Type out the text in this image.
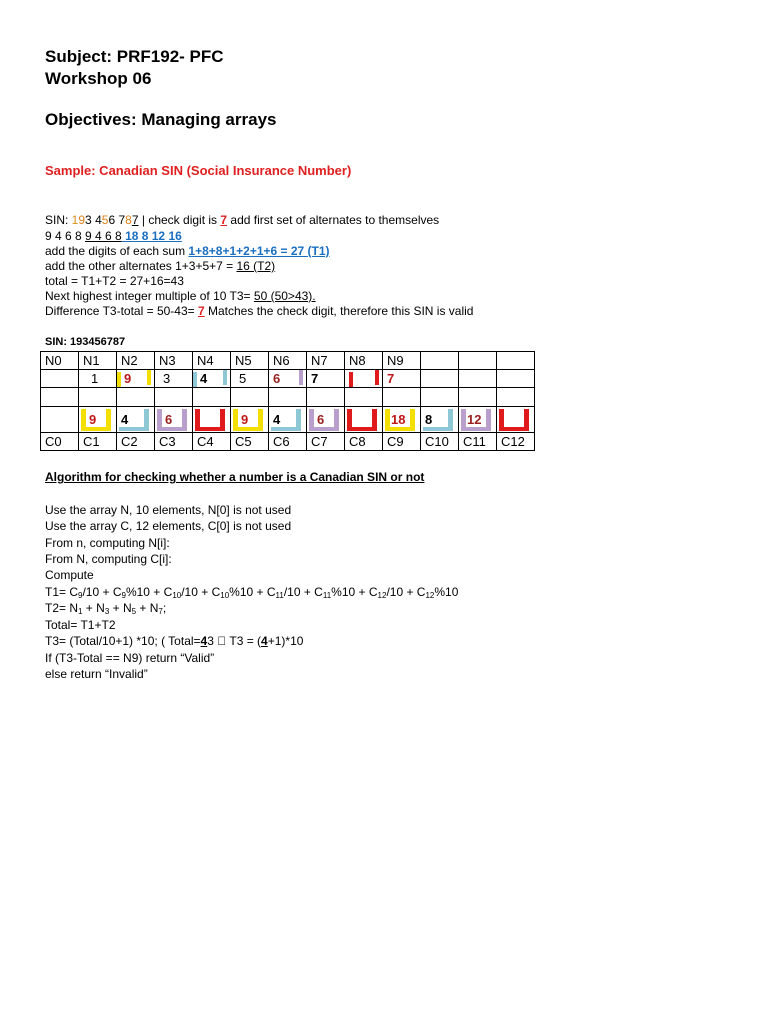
Subject: PRF192- PFC
Workshop 06
Objectives: Managing arrays
Sample: Canadian SIN (Social Insurance Number)
SIN: 193 456 787 | check digit is 7 add first set of alternates to themselves
9 4 6 8 9 4 6 8 18 8 12 16
add the digits of each sum 1+8+8+1+2+1+6 = 27 (T1)
add the other alternates 1+3+5+7 = 16 (T2)
total = T1+T2 = 27+16=43
Next highest integer multiple of 10 T3= 50 (50>43).
Difference T3-total = 50-43= 7 Matches the check digit, therefore this SIN is valid
SIN: 193456787
N0	N1	N2	N3	N4	N5	N6	N7	N8	N9			
	1	9	3	4	5	6	7		7			

	9	4	6		9	4	6		18	8	12	

C0	C1	C2	C3	C4	C5	C6	C7	C8	C9	C10	C11	C12
Algorithm for checking whether a number is a Canadian SIN or not
Use the array N, 10 elements, N[0] is not used
Use the array C, 12 elements, C[0] is not used
From n, computing N[i]:
From N, computing C[i]:
Compute
$T1= C_9/10 + C_9\%10 + C_{10}/10 + C_{10}\%10 + C_{11}/10 + C_{11}\%10 + C_{12}/10 + C_{12}\%10$
$T2= N_1 + N_3 + N_5 + N_7$;
Total= T1+T2
T3= (Total/10+1) *10; ( Total=43   T3 = (4+1)*10
If (T3-Total == N9) return “Valid”
else return “Invalid”
